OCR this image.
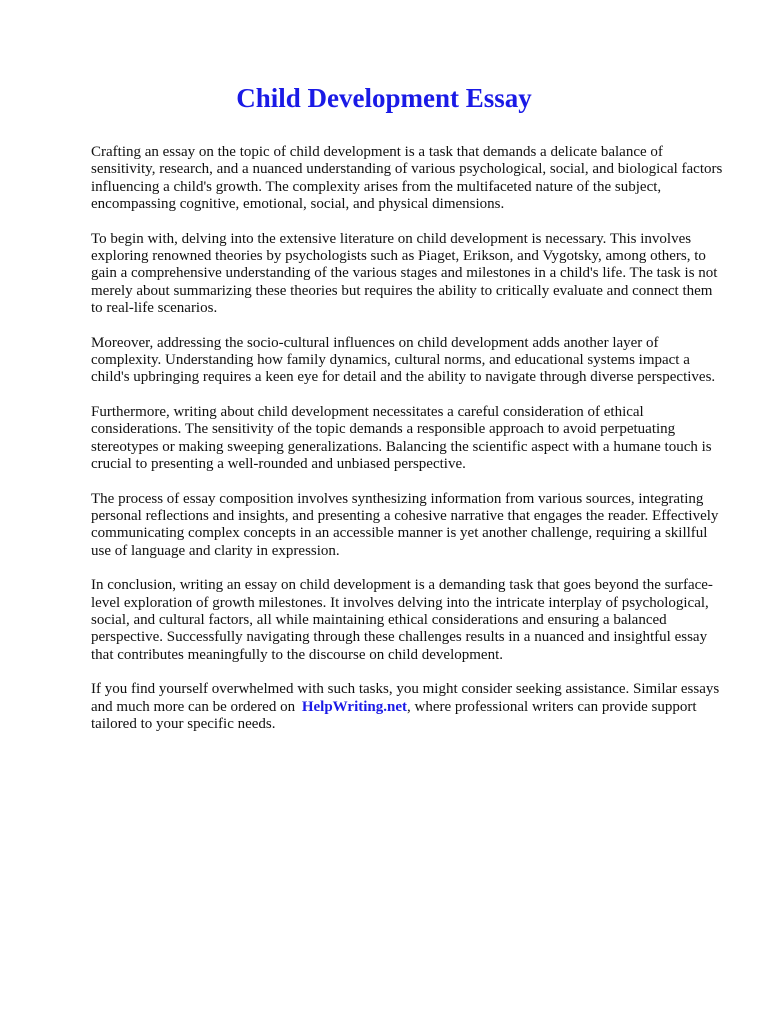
Child Development Essay

Crafting an essay on the topic of child development is a task that demands a delicate balance of sensitivity, research, and a nuanced understanding of various psychological, social, and biological factors influencing a child's growth. The complexity arises from the multifaceted nature of the subject, encompassing cognitive, emotional, social, and physical dimensions.

To begin with, delving into the extensive literature on child development is necessary. This involves exploring renowned theories by psychologists such as Piaget, Erikson, and Vygotsky, among others, to gain a comprehensive understanding of the various stages and milestones in a child's life. The task is not merely about summarizing these theories but requires the ability to critically evaluate and connect them to real-life scenarios.

Moreover, addressing the socio-cultural influences on child development adds another layer of complexity. Understanding how family dynamics, cultural norms, and educational systems impact a child's upbringing requires a keen eye for detail and the ability to navigate through diverse perspectives.

Furthermore, writing about child development necessitates a careful consideration of ethical considerations. The sensitivity of the topic demands a responsible approach to avoid perpetuating stereotypes or making sweeping generalizations. Balancing the scientific aspect with a humane touch is crucial to presenting a well-rounded and unbiased perspective.

The process of essay composition involves synthesizing information from various sources, integrating personal reflections and insights, and presenting a cohesive narrative that engages the reader. Effectively communicating complex concepts in an accessible manner is yet another challenge, requiring a skillful use of language and clarity in expression.

In conclusion, writing an essay on child development is a demanding task that goes beyond the surface-level exploration of growth milestones. It involves delving into the intricate interplay of psychological, social, and cultural factors, all while maintaining ethical considerations and ensuring a balanced perspective. Successfully navigating through these challenges results in a nuanced and insightful essay that contributes meaningfully to the discourse on child development.

If you find yourself overwhelmed with such tasks, you might consider seeking assistance. Similar essays and much more can be ordered on HelpWriting.net, where professional writers can provide support tailored to your specific needs.
